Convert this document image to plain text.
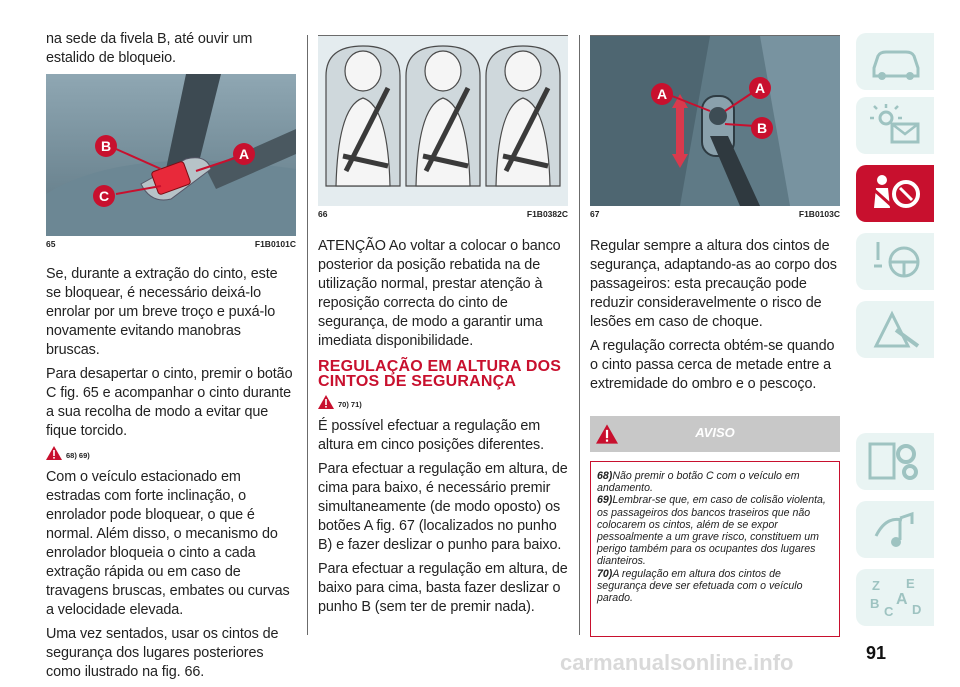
na sede da fivela B, até ouvir um estalido de bloqueio.

B	A
C
65	F1B0101C

Se, durante a extração do cinto, este se bloquear, é necessário deixá-lo enrolar por um breve troço e puxá-lo novamente evitando manobras bruscas.

Para desapertar o cinto, premir o botão C fig. 65 e acompanhar o cinto durante a sua recolha de modo a evitar que fique torcido.

68) 69)

Com o veículo estacionado em estradas com forte inclinação, o enrolador pode bloquear, o que é normal. Além disso, o mecanismo do enrolador bloqueia o cinto a cada extração rápida ou em caso de travagens bruscas, embates ou curvas a velocidade elevada.

Uma vez sentados, usar os cintos de segurança dos lugares posteriores como ilustrado na fig. 66.

66	F1B0382C

ATENÇÃO Ao voltar a colocar o banco posterior da posição rebatida na de utilização normal, prestar atenção à reposição correcta do cinto de segurança, de modo a garantir uma imediata disponibilidade.

REGULAÇÃO EM ALTURA DOS CINTOS DE SEGURANÇA
70) 71)

É possível efectuar a regulação em altura em cinco posições diferentes.

Para efectuar a regulação em altura, de cima para baixo, é necessário premir simultaneamente (de modo oposto) os botões A fig. 67 (localizados no punho B) e fazer deslizar o punho para baixo.

Para efectuar a regulação em altura, de baixo para cima, basta fazer deslizar o punho B (sem ter de premir nada).

A	A
B
67	F1B0103C

Regular sempre a altura dos cintos de segurança, adaptando-as ao corpo dos passageiros: esta precaução pode reduzir consideravelmente o risco de lesões em caso de choque.

A regulação correcta obtém-se quando o cinto passa cerca de metade entre a extremidade do ombro e o pescoço.

AVISO

68)Não premir o botão C com o veículo em andamento.

69)Lembrar-se que, em caso de colisão violenta, os passageiros dos bancos traseiros que não colocarem os cintos, além de se expor pessoalmente a um grave risco, constituem um perigo também para os ocupantes dos lugares dianteiros.

70)A regulação em altura dos cintos de segurança deve ser efetuada com o veículo parado.

Z E
B A
C D
carmanualsonline.info	91
